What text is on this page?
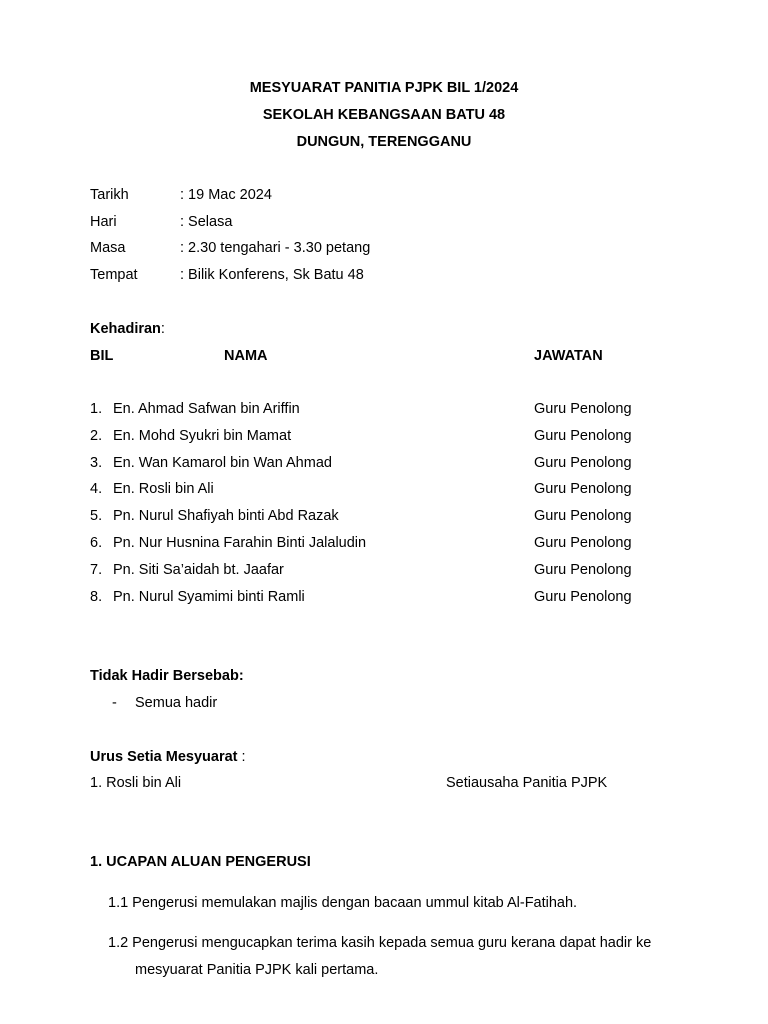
MESYUARAT PANITIA PJPK BIL 1/2024
SEKOLAH KEBANGSAAN BATU 48
DUNGUN, TERENGGANU
Tarikh	: 19 Mac 2024
Hari	: Selasa
Masa	: 2.30 tengahari - 3.30 petang
Tempat	: Bilik Konferens, Sk Batu 48
Kehadiran:
BIL	NAMA	JAWATAN
1. En. Ahmad Safwan bin Ariffin	Guru Penolong
2. En. Mohd Syukri bin Mamat	Guru Penolong
3. En. Wan Kamarol bin Wan Ahmad	Guru Penolong
4. En. Rosli bin Ali	Guru Penolong
5. Pn. Nurul Shafiyah binti Abd Razak	Guru Penolong
6. Pn. Nur Husnina Farahin Binti Jalaludin	Guru Penolong
7. Pn. Siti Sa’aidah bt. Jaafar	Guru Penolong
8. Pn. Nurul Syamimi binti Ramli	Guru Penolong
Tidak Hadir Bersebab:
- Semua hadir
Urus Setia Mesyuarat :
1. Rosli bin Ali	Setiausaha Panitia PJPK
1. UCAPAN ALUAN PENGERUSI
1.1 Pengerusi memulakan majlis dengan bacaan ummul kitab Al-Fatihah.
1.2 Pengerusi mengucapkan terima kasih kepada semua guru kerana dapat hadir ke
mesyuarat Panitia PJPK kali pertama.
